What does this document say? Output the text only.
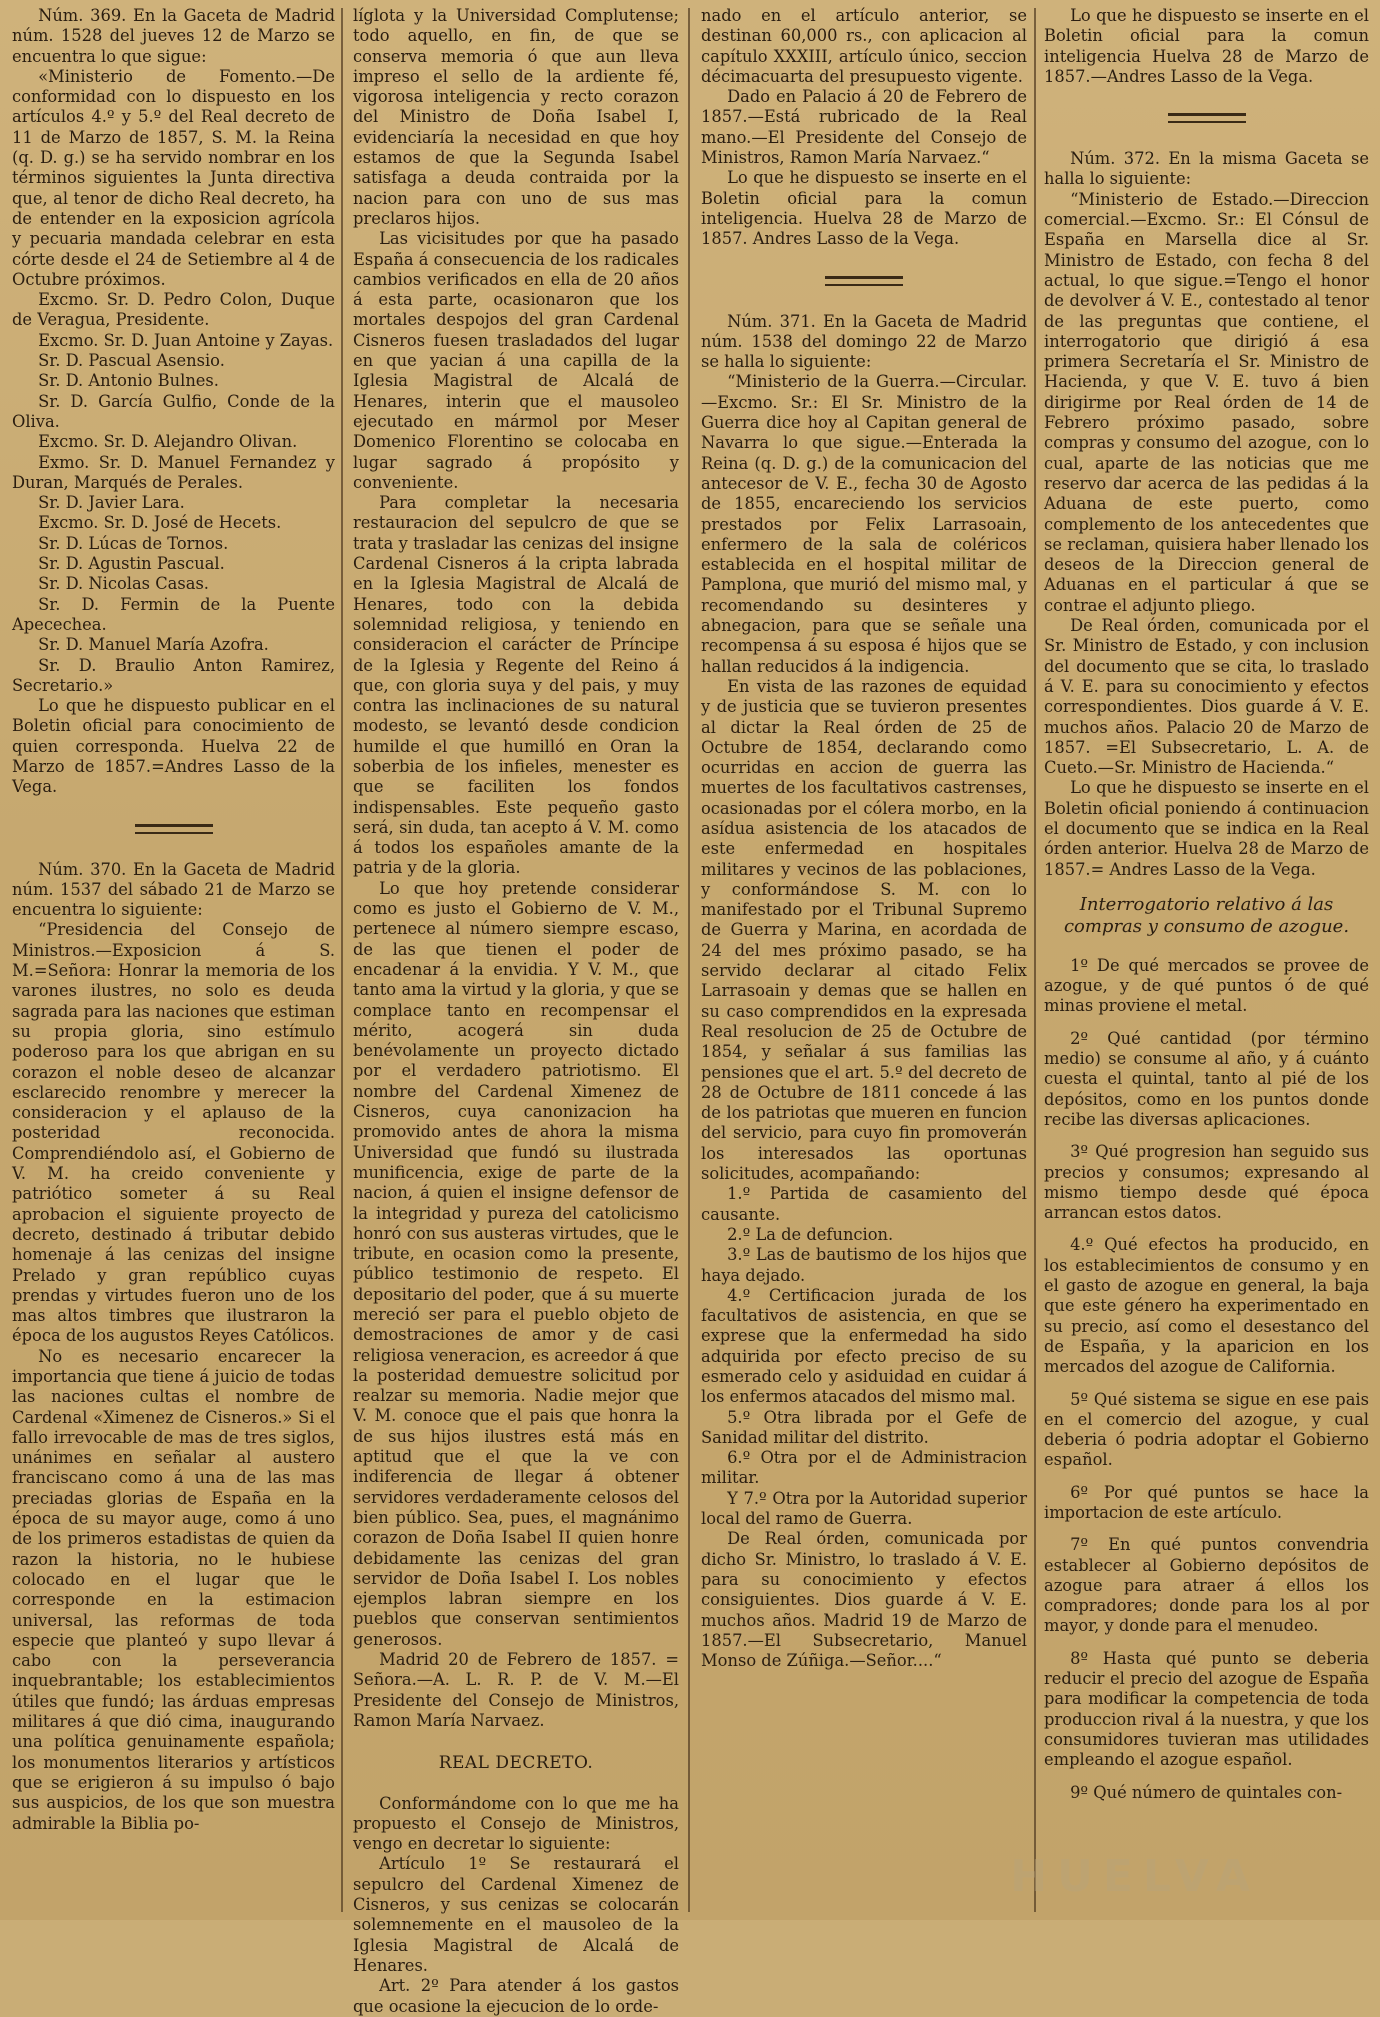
Núm. 369. En la Gaceta de Madrid núm. 1528 del jueves 12 de Marzo se encuentra lo que sigue:

«Ministerio de Fomento.—De conformidad con lo dispuesto en los artículos 4.º y 5.º del Real decreto de 11 de Marzo de 1857, S. M. la Reina (q. D. g.) se ha servido nombrar en los términos siguientes la Junta directiva que, al tenor de dicho Real decreto, ha de entender en la exposicion agrícola y pecuaria mandada celebrar en esta córte desde el 24 de Setiembre al 4 de Octubre próximos.

Excmo. Sr. D. Pedro Colon, Duque de Veragua, Presidente.

Excmo. Sr. D. Juan Antoine y Zayas.

Sr. D. Pascual Asensio.

Sr. D. Antonio Bulnes.

Sr. D. García Gulfio, Conde de la Oliva.

Excmo. Sr. D. Alejandro Olivan.

Exmo. Sr. D. Manuel Fernandez y Duran, Marqués de Perales.

Sr. D. Javier Lara.

Excmo. Sr. D. José de Hecets.

Sr. D. Lúcas de Tornos.

Sr. D. Agustin Pascual.

Sr. D. Nicolas Casas.

Sr. D. Fermin de la Puente Apecechea.

Sr. D. Manuel María Azofra.

Sr. D. Braulio Anton Ramirez, Secretario.»

Lo que he dispuesto publicar en el Boletin oficial para conocimiento de quien corresponda. Huelva 22 de Marzo de 1857.=Andres Lasso de la Vega.

Núm. 370. En la Gaceta de Madrid núm. 1537 del sábado 21 de Marzo se encuentra lo siguiente:

“Presidencia del Consejo de Ministros.—Exposicion á S. M.=Señora: Honrar la memoria de los varones ilustres, no solo es deuda sagrada para las naciones que estiman su propia gloria, sino estímulo poderoso para los que abrigan en su corazon el noble deseo de alcanzar esclarecido renombre y merecer la consideracion y el aplauso de la posteridad reconocida. Comprendiéndolo así, el Gobierno de V. M. ha creido conveniente y patriótico someter á su Real aprobacion el siguiente proyecto de decreto, destinado á tributar debido homenaje á las cenizas del insigne Prelado y gran repúblico cuyas prendas y virtudes fueron uno de los mas altos timbres que ilustraron la época de los augustos Reyes Católicos.

No es necesario encarecer la importancia que tiene á juicio de todas las naciones cultas el nombre de Cardenal «Ximenez de Cisneros.» Si el fallo irrevocable de mas de tres siglos, unánimes en señalar al austero franciscano como á una de las mas preciadas glorias de España en la época de su mayor auge, como á uno de los primeros estadistas de quien da razon la historia, no le hubiese colocado en el lugar que le corresponde en la estimacion universal, las reformas de toda especie que planteó y supo llevar á cabo con la perseverancia inquebrantable; los establecimientos útiles que fundó; las árduas empresas militares á que dió cima, inaugurando una política genuinamente española; los monumentos literarios y artísticos que se erigieron á su impulso ó bajo sus auspicios, de los que son muestra admirable la Biblia po-

líglota y la Universidad Complutense; todo aquello, en fin, de que se conserva memoria ó que aun lleva impreso el sello de la ardiente fé, vigorosa inteligencia y recto corazon del Ministro de Doña Isabel I, evidenciaría la necesidad en que hoy estamos de que la Segunda Isabel satisfaga a deuda contraida por la nacion para con uno de sus mas preclaros hijos.

Las vicisitudes por que ha pasado España á consecuencia de los radicales cambios verificados en ella de 20 años á esta parte, ocasionaron que los mortales despojos del gran Cardenal Cisneros fuesen trasladados del lugar en que yacian á una capilla de la Iglesia Magistral de Alcalá de Henares, interin que el mausoleo ejecutado en mármol por Meser Domenico Florentino se colocaba en lugar sagrado á propósito y conveniente.

Para completar la necesaria restauracion del sepulcro de que se trata y trasladar las cenizas del insigne Cardenal Cisneros á la cripta labrada en la Iglesia Magistral de Alcalá de Henares, todo con la debida solemnidad religiosa, y teniendo en consideracion el carácter de Príncipe de la Iglesia y Regente del Reino á que, con gloria suya y del pais, y muy contra las inclinaciones de su natural modesto, se levantó desde condicion humilde el que humilló en Oran la soberbia de los infieles, menester es que se faciliten los fondos indispensables. Este pequeño gasto será, sin duda, tan acepto á V. M. como á todos los españoles amante de la patria y de la gloria.

Lo que hoy pretende considerar como es justo el Gobierno de V. M., pertenece al número siempre escaso, de las que tienen el poder de encadenar á la envidia. Y V. M., que tanto ama la virtud y la gloria, y que se complace tanto en recompensar el mérito, acogerá sin duda benévolamente un proyecto dictado por el verdadero patriotismo. El nombre del Cardenal Ximenez de Cisneros, cuya canonizacion ha promovido antes de ahora la misma Universidad que fundó su ilustrada munificencia, exige de parte de la nacion, á quien el insigne defensor de la integridad y pureza del catolicismo honró con sus austeras virtudes, que le tribute, en ocasion como la presente, público testimonio de respeto. El depositario del poder, que á su muerte mereció ser para el pueblo objeto de demostraciones de amor y de casi religiosa veneracion, es acreedor á que la posteridad demuestre solicitud por realzar su memoria. Nadie mejor que V. M. conoce que el pais que honra la de sus hijos ilustres está más en aptitud que el que la ve con indiferencia de llegar á obtener servidores verdaderamente celosos del bien público. Sea, pues, el magnánimo corazon de Doña Isabel II quien honre debidamente las cenizas del gran servidor de Doña Isabel I. Los nobles ejemplos labran siempre en los pueblos que conservan sentimientos generosos.

Madrid 20 de Febrero de 1857. = Señora.—A. L. R. P. de V. M.—El Presidente del Consejo de Ministros, Ramon María Narvaez.

REAL DECRETO.

Conformándome con lo que me ha propuesto el Consejo de Ministros, vengo en decretar lo siguiente:

Artículo 1º Se restaurará el sepulcro del Cardenal Ximenez de Cisneros, y sus cenizas se colocarán solemnemente en el mausoleo de la Iglesia Magistral de Alcalá de Henares.

Art. 2º Para atender á los gastos que ocasione la ejecucion de lo orde-

nado en el artículo anterior, se destinan 60,000 rs., con aplicacion al capítulo XXXIII, artículo único, seccion décimacuarta del presupuesto vigente.

Dado en Palacio á 20 de Febrero de 1857.—Está rubricado de la Real mano.—El Presidente del Consejo de Ministros, Ramon María Narvaez.“

Lo que he dispuesto se inserte en el Boletin oficial para la comun inteligencia. Huelva 28 de Marzo de 1857. Andres Lasso de la Vega.

Núm. 371. En la Gaceta de Madrid núm. 1538 del domingo 22 de Marzo se halla lo siguiente:

“Ministerio de la Guerra.—Circular.—Excmo. Sr.: El Sr. Ministro de la Guerra dice hoy al Capitan general de Navarra lo que sigue.—Enterada la Reina (q. D. g.) de la comunicacion del antecesor de V. E., fecha 30 de Agosto de 1855, encareciendo los servicios prestados por Felix Larrasoain, enfermero de la sala de coléricos establecida en el hospital militar de Pamplona, que murió del mismo mal, y recomendando su desinteres y abnegacion, para que se señale una recompensa á su esposa é hijos que se hallan reducidos á la indigencia.

En vista de las razones de equidad y de justicia que se tuvieron presentes al dictar la Real órden de 25 de Octubre de 1854, declarando como ocurridas en accion de guerra las muertes de los facultativos castrenses, ocasionadas por el cólera morbo, en la asídua asistencia de los atacados de este enfermedad en hospitales militares y vecinos de las poblaciones, y conformándose S. M. con lo manifestado por el Tribunal Supremo de Guerra y Marina, en acordada de 24 del mes próximo pasado, se ha servido declarar al citado Felix Larrasoain y demas que se hallen en su caso comprendidos en la expresada Real resolucion de 25 de Octubre de 1854, y señalar á sus familias las pensiones que el art. 5.º del decreto de 28 de Octubre de 1811 concede á las de los patriotas que mueren en funcion del servicio, para cuyo fin promoverán los interesados las oportunas solicitudes, acompañando:

1.º Partida de casamiento del causante.

2.º La de defuncion.

3.º Las de bautismo de los hijos que haya dejado.

4.º Certificacion jurada de los facultativos de asistencia, en que se exprese que la enfermedad ha sido adquirida por efecto preciso de su esmerado celo y asiduidad en cuidar á los enfermos atacados del mismo mal.

5.º Otra librada por el Gefe de Sanidad militar del distrito.

6.º Otra por el de Administracion militar.

Y 7.º Otra por la Autoridad superior local del ramo de Guerra.

De Real órden, comunicada por dicho Sr. Ministro, lo traslado á V. E. para su conocimiento y efectos consiguientes. Dios guarde á V. E. muchos años. Madrid 19 de Marzo de 1857.—El Subsecretario, Manuel Monso de Zúñiga.—Señor....“

Lo que he dispuesto se inserte en el Boletin oficial para la comun inteligencia Huelva 28 de Marzo de 1857.—Andres Lasso de la Vega.

Núm. 372. En la misma Gaceta se halla lo siguiente:

“Ministerio de Estado.—Direccion comercial.—Excmo. Sr.: El Cónsul de España en Marsella dice al Sr. Ministro de Estado, con fecha 8 del actual, lo que sigue.=Tengo el honor de devolver á V. E., contestado al tenor de las preguntas que contiene, el interrogatorio que dirigió á esa primera Secretaría el Sr. Ministro de Hacienda, y que V. E. tuvo á bien dirigirme por Real órden de 14 de Febrero próximo pasado, sobre compras y consumo del azogue, con lo cual, aparte de las noticias que me reservo dar acerca de las pedidas á la Aduana de este puerto, como complemento de los antecedentes que se reclaman, quisiera haber llenado los deseos de la Direccion general de Aduanas en el particular á que se contrae el adjunto pliego.

De Real órden, comunicada por el Sr. Ministro de Estado, y con inclusion del documento que se cita, lo traslado á V. E. para su conocimiento y efectos correspondientes. Dios guarde á V. E. muchos años. Palacio 20 de Marzo de 1857. =El Subsecretario, L. A. de Cueto.—Sr. Ministro de Hacienda.“

Lo que he dispuesto se inserte en el Boletin oficial poniendo á continuacion el documento que se indica en la Real órden anterior. Huelva 28 de Marzo de 1857.= Andres Lasso de la Vega.

Interrogatorio relativo á las compras y consumo de azogue.

1º De qué mercados se provee de azogue, y de qué puntos ó de qué minas proviene el metal.

2º Qué cantidad (por término medio) se consume al año, y á cuánto cuesta el quintal, tanto al pié de los depósitos, como en los puntos donde recibe las diversas aplicaciones.

3º Qué progresion han seguido sus precios y consumos; expresando al mismo tiempo desde qué época arrancan estos datos.

4.º Qué efectos ha producido, en los establecimientos de consumo y en el gasto de azogue en general, la baja que este género ha experimentado en su precio, así como el desestanco del de España, y la aparicion en los mercados del azogue de California.

5º Qué sistema se sigue en ese pais en el comercio del azogue, y cual deberia ó podria adoptar el Gobierno español.

6º Por qué puntos se hace la importacion de este artículo.

7º En qué puntos convendria establecer al Gobierno depósitos de azogue para atraer á ellos los compradores; donde para los al por mayor, y donde para el menudeo.

8º Hasta qué punto se deberia reducir el precio del azogue de España para modificar la competencia de toda produccion rival á la nuestra, y que los consumidores tuvieran mas utilidades empleando el azogue español.

9º Qué número de quintales con-

HUELVA
